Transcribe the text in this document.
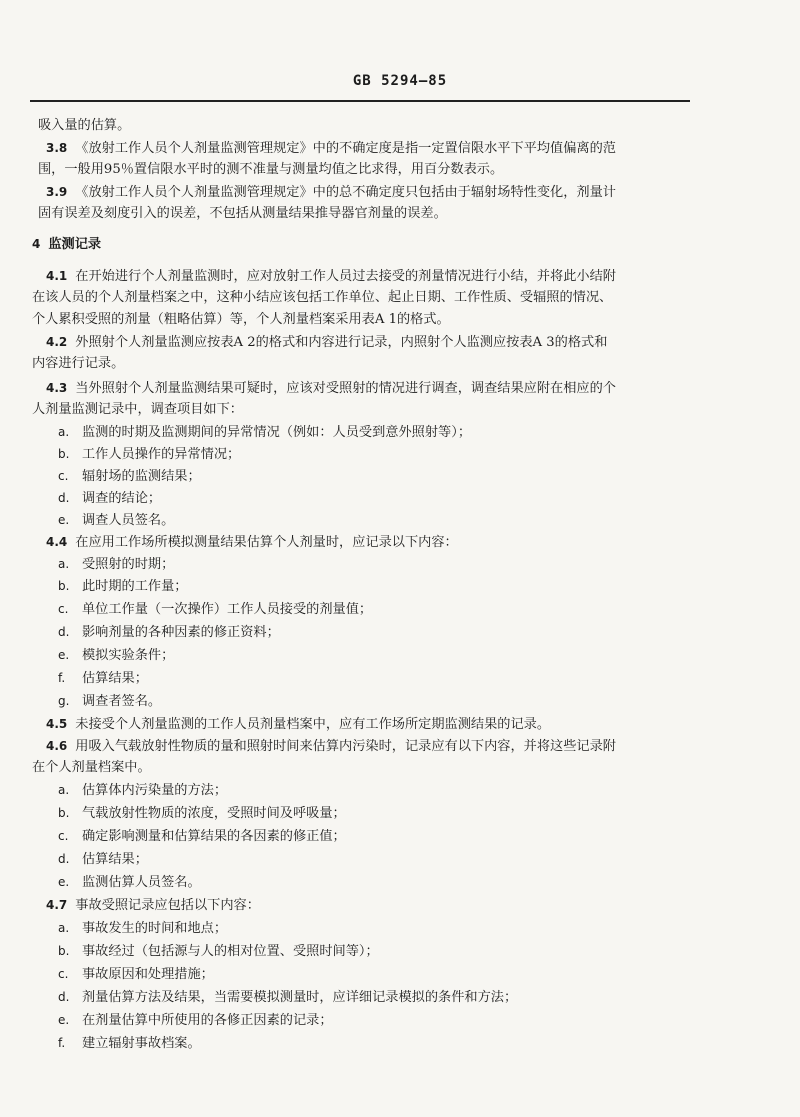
GB 5294—85
吸入量的估算。
3.8 《放射工作人员个人剂量监测管理规定》中的不确定度是指一定置信限水平下平均值偏离的范
围，一般用95％置信限水平时的测不准量与测量均值之比求得，用百分数表示。
3.9 《放射工作人员个人剂量监测管理规定》中的总不确定度只包括由于辐射场特性变化，剂量计
固有误差及刻度引入的误差，不包括从测量结果推导器官剂量的误差。
4 监测记录
4.1 在开始进行个人剂量监测时，应对放射工作人员过去接受的剂量情况进行小结，并将此小结附
在该人员的个人剂量档案之中，这种小结应该包括工作单位、起止日期、工作性质、受辐照的情况、
个人累积受照的剂量（粗略估算）等，个人剂量档案采用表A 1的格式。
4.2 外照射个人剂量监测应按表A 2的格式和内容进行记录，内照射个人监测应按表A 3的格式和
内容进行记录。
4.3 当外照射个人剂量监测结果可疑时，应该对受照射的情况进行调查，调查结果应附在相应的个
人剂量监测记录中，调查项目如下：
a. 监测的时期及监测期间的异常情况（例如：人员受到意外照射等）；
b. 工作人员操作的异常情况；
c. 辐射场的监测结果；
d. 调查的结论；
e. 调查人员签名。
4.4 在应用工作场所模拟测量结果估算个人剂量时，应记录以下内容：
a. 受照射的时期；
b. 此时期的工作量；
c. 单位工作量（一次操作）工作人员接受的剂量值；
d. 影响剂量的各种因素的修正资料；
e. 模拟实验条件；
f. 估算结果；
g. 调查者签名。
4.5 未接受个人剂量监测的工作人员剂量档案中，应有工作场所定期监测结果的记录。
4.6 用吸入气载放射性物质的量和照射时间来估算内污染时，记录应有以下内容，并将这些记录附
在个人剂量档案中。
a. 估算体内污染量的方法；
b. 气载放射性物质的浓度，受照时间及呼吸量；
c. 确定影响测量和估算结果的各因素的修正值；
d. 估算结果；
e. 监测估算人员签名。
4.7 事故受照记录应包括以下内容：
a. 事故发生的时间和地点；
b. 事故经过（包括源与人的相对位置、受照时间等）；
c. 事故原因和处理措施；
d. 剂量估算方法及结果，当需要模拟测量时，应详细记录模拟的条件和方法；
e. 在剂量估算中所使用的各修正因素的记录；
f. 建立辐射事故档案。
